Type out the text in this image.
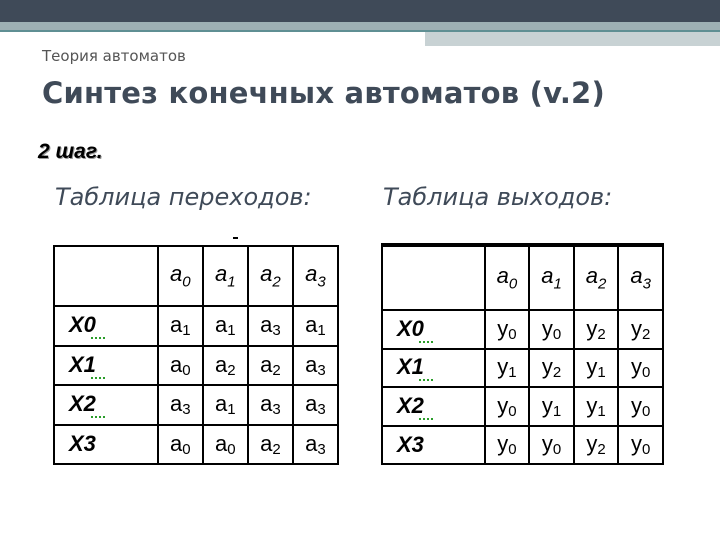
Теория автоматов
Синтез конечных автоматов (v.2)
2 шаг.
Таблица переходов:	Таблица выходов:
	$a_0$	$a_1$	$a_2$	$a_3$
X0	$a_1$	$a_1$	$a_3$	$a_1$
X1	$a_0$	$a_2$	$a_2$	$a_3$
X2	$a_3$	$a_1$	$a_3$	$a_3$
X3	$a_0$	$a_0$	$a_2$	$a_3$
	$a_0$	$a_1$	$a_2$	$a_3$
X0	$y_0$	$y_0$	$y_2$	$y_2$
X1	$y_1$	$y_2$	$y_1$	$y_0$
X2	$y_0$	$y_1$	$y_1$	$y_0$
X3	$y_0$	$y_0$	$y_2$	$y_0$
